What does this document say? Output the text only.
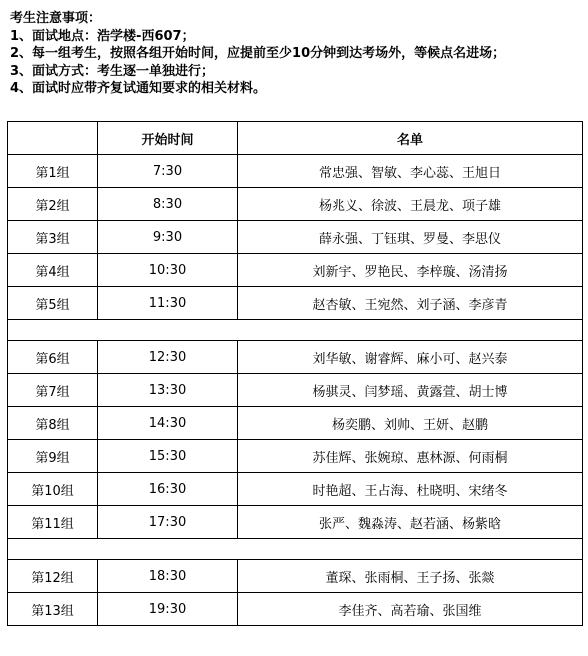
考生注意事项：
1、面试地点：浩学楼-西607；
2、每一组考生，按照各组开始时间，应提前至少10分钟到达考场外，等候点名进场；
3、面试方式：考生逐一单独进行；
4、面试时应带齐复试通知要求的相关材料。
	开始时间	名单
第1组	7:30	常忠强、智敏、李心蕊、王旭日
第2组	8:30	杨兆义、徐波、王晨龙、项子雄
第3组	9:30	薛永强、丁钰琪、罗曼、李思仪
第4组	10:30	刘新宇、罗艳民、李梓璇、汤清扬
第5组	11:30	赵杏敏、王宛然、刘子涵、李彦青

第6组	12:30	刘华敏、谢睿辉、麻小可、赵兴泰
第7组	13:30	杨骐灵、闫梦瑶、黄露萱、胡士博
第8组	14:30	杨奕鹏、刘帅、王妍、赵鹏
第9组	15:30	苏佳辉、张婉琼、惠林源、何雨桐
第10组	16:30	时艳超、王占海、杜晓明、宋绪冬
第11组	17:30	张严、魏淼涛、赵若涵、杨紫晗

第12组	18:30	董琛、张雨桐、王子扬、张燚
第13组	19:30	李佳齐、高若瑜、张国维
